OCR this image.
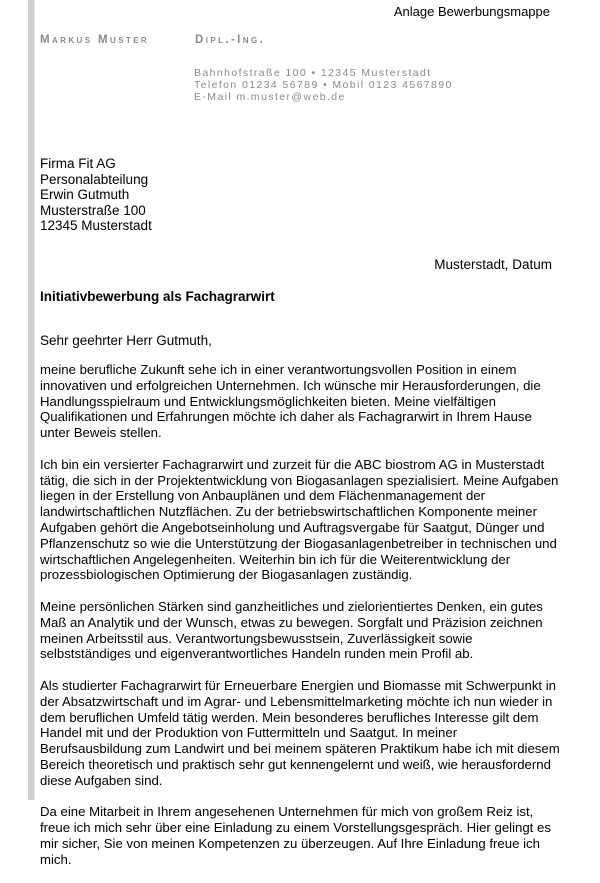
Anlage Bewerbungsmappe
Markus Muster	Dipl.-Ing.
Bahnhofstraße 100 • 12345 Musterstadt
Telefon 01234 56789 • Mobil 0123 4567890
E-Mail m.muster@web.de
Firma Fit AG
Personalabteilung
Erwin Gutmuth
Musterstraße 100
12345 Musterstadt
Musterstadt, Datum
Initiativbewerbung als Fachagrarwirt
Sehr geehrter Herr Gutmuth,

meine berufliche Zukunft sehe ich in einer verantwortungsvollen Position in einem innovativen und erfolgreichen Unternehmen. Ich wünsche mir Herausforderungen, die Handlungsspielraum und Entwicklungsmöglichkeiten bieten. Meine vielfältigen Qualifikationen und Erfahrungen möchte ich daher als Fachagrarwirt in Ihrem Hause unter Beweis stellen.

Ich bin ein versierter Fachagrarwirt und zurzeit für die ABC biostrom AG in Musterstadt tätig, die sich in der Projektentwicklung von Biogasanlagen spezialisiert. Meine Aufgaben liegen in der Erstellung von Anbauplänen und dem Flächenmanagement der landwirtschaftlichen Nutzflächen. Zu der betriebswirtschaftlichen Komponente meiner Aufgaben gehört die Angebotseinholung und Auftragsvergabe für Saatgut, Dünger und Pflanzenschutz so wie die Unterstützung der Biogasanlagenbetreiber in technischen und wirtschaftlichen Angelegenheiten. Weiterhin bin ich für die Weiterentwicklung der prozessbiologischen Optimierung der Biogasanlagen zuständig.

Meine persönlichen Stärken sind ganzheitliches und zielorientiertes Denken, ein gutes Maß an Analytik und der Wunsch, etwas zu bewegen. Sorgfalt und Präzision zeichnen meinen Arbeitsstil aus. Verantwortungsbewusstsein, Zuverlässigkeit sowie selbstständiges und eigenverantwortliches Handeln runden mein Profil ab.

Als studierter Fachagrarwirt für Erneuerbare Energien und Biomasse mit Schwerpunkt in der Absatzwirtschaft und im Agrar- und Lebensmittelmarketing möchte ich nun wieder in dem beruflichen Umfeld tätig werden. Mein besonderes berufliches Interesse gilt dem Handel mit und der Produktion von Futtermitteln und Saatgut. In meiner Berufsausbildung zum Landwirt und bei meinem späteren Praktikum habe ich mit diesem Bereich theoretisch und praktisch sehr gut kennengelernt und weiß, wie herausfordernd diese Aufgaben sind.

Da eine Mitarbeit in Ihrem angesehenen Unternehmen für mich von großem Reiz ist, freue ich mich sehr über eine Einladung zu einem Vorstellungsgespräch. Hier gelingt es mir sicher, Sie von meinen Kompetenzen zu überzeugen. Auf Ihre Einladung freue ich mich.
